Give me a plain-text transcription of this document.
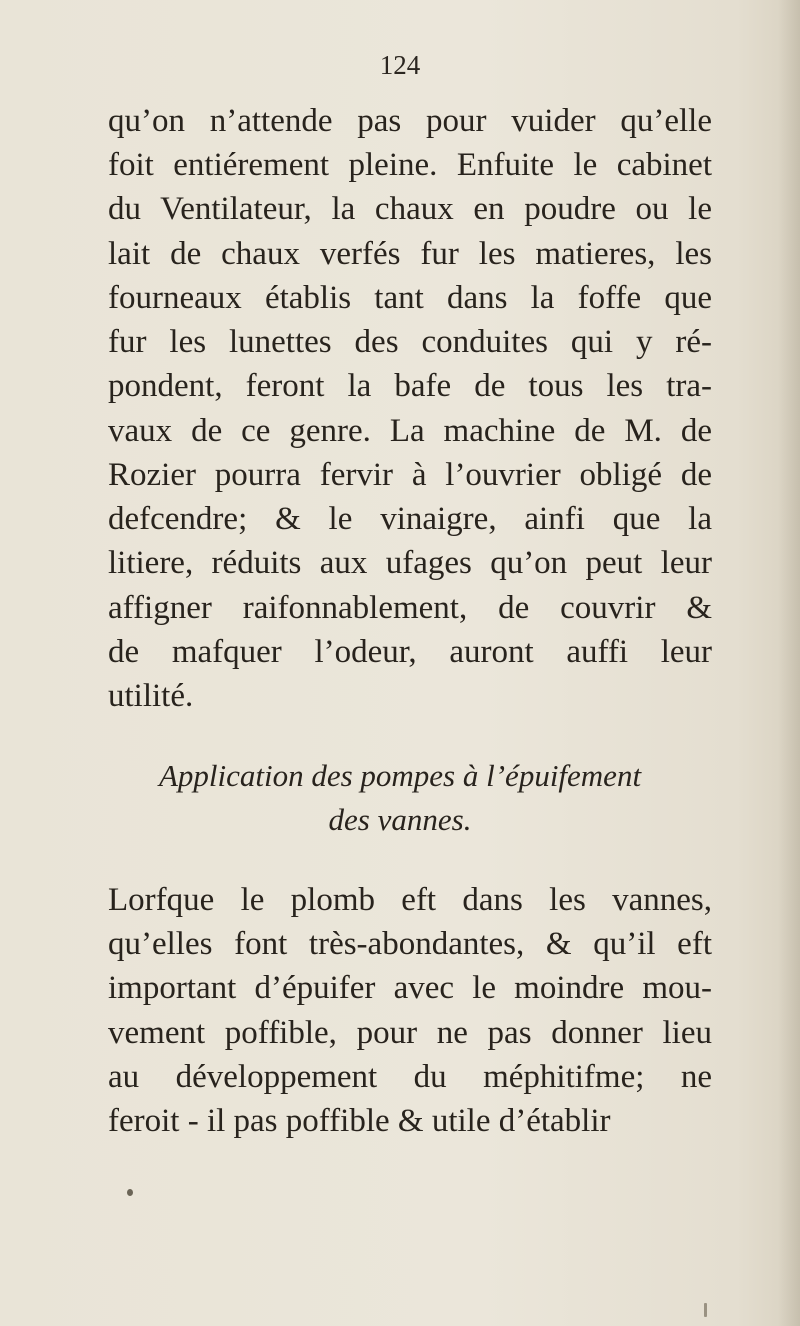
124
qu’on n’attende pas pour vuider qu’elle
foit entiérement pleine. Enfuite le cabinet
du Ventilateur, la chaux en poudre ou le
lait de chaux verfés fur les matieres, les
fourneaux établis tant dans la foffe que
fur les lunettes des conduites qui y ré-
pondent, feront la bafe de tous les tra-
vaux de ce genre. La machine de M. de
Rozier pourra fervir à l’ouvrier obligé de
defcendre; & le vinaigre, ainfi que la
litiere, réduits aux ufages qu’on peut leur
affigner raifonnablement, de couvrir &
de mafquer l’odeur, auront auffi leur
utilité.
Application des pompes à l’épuifement
des vannes.
Lorfque le plomb eft dans les vannes,
qu’elles font très-abondantes, & qu’il eft
important d’épuifer avec le moindre mou-
vement poffible, pour ne pas donner lieu
au développement du méphitifme; ne
feroit - il pas poffible & utile d’établir
